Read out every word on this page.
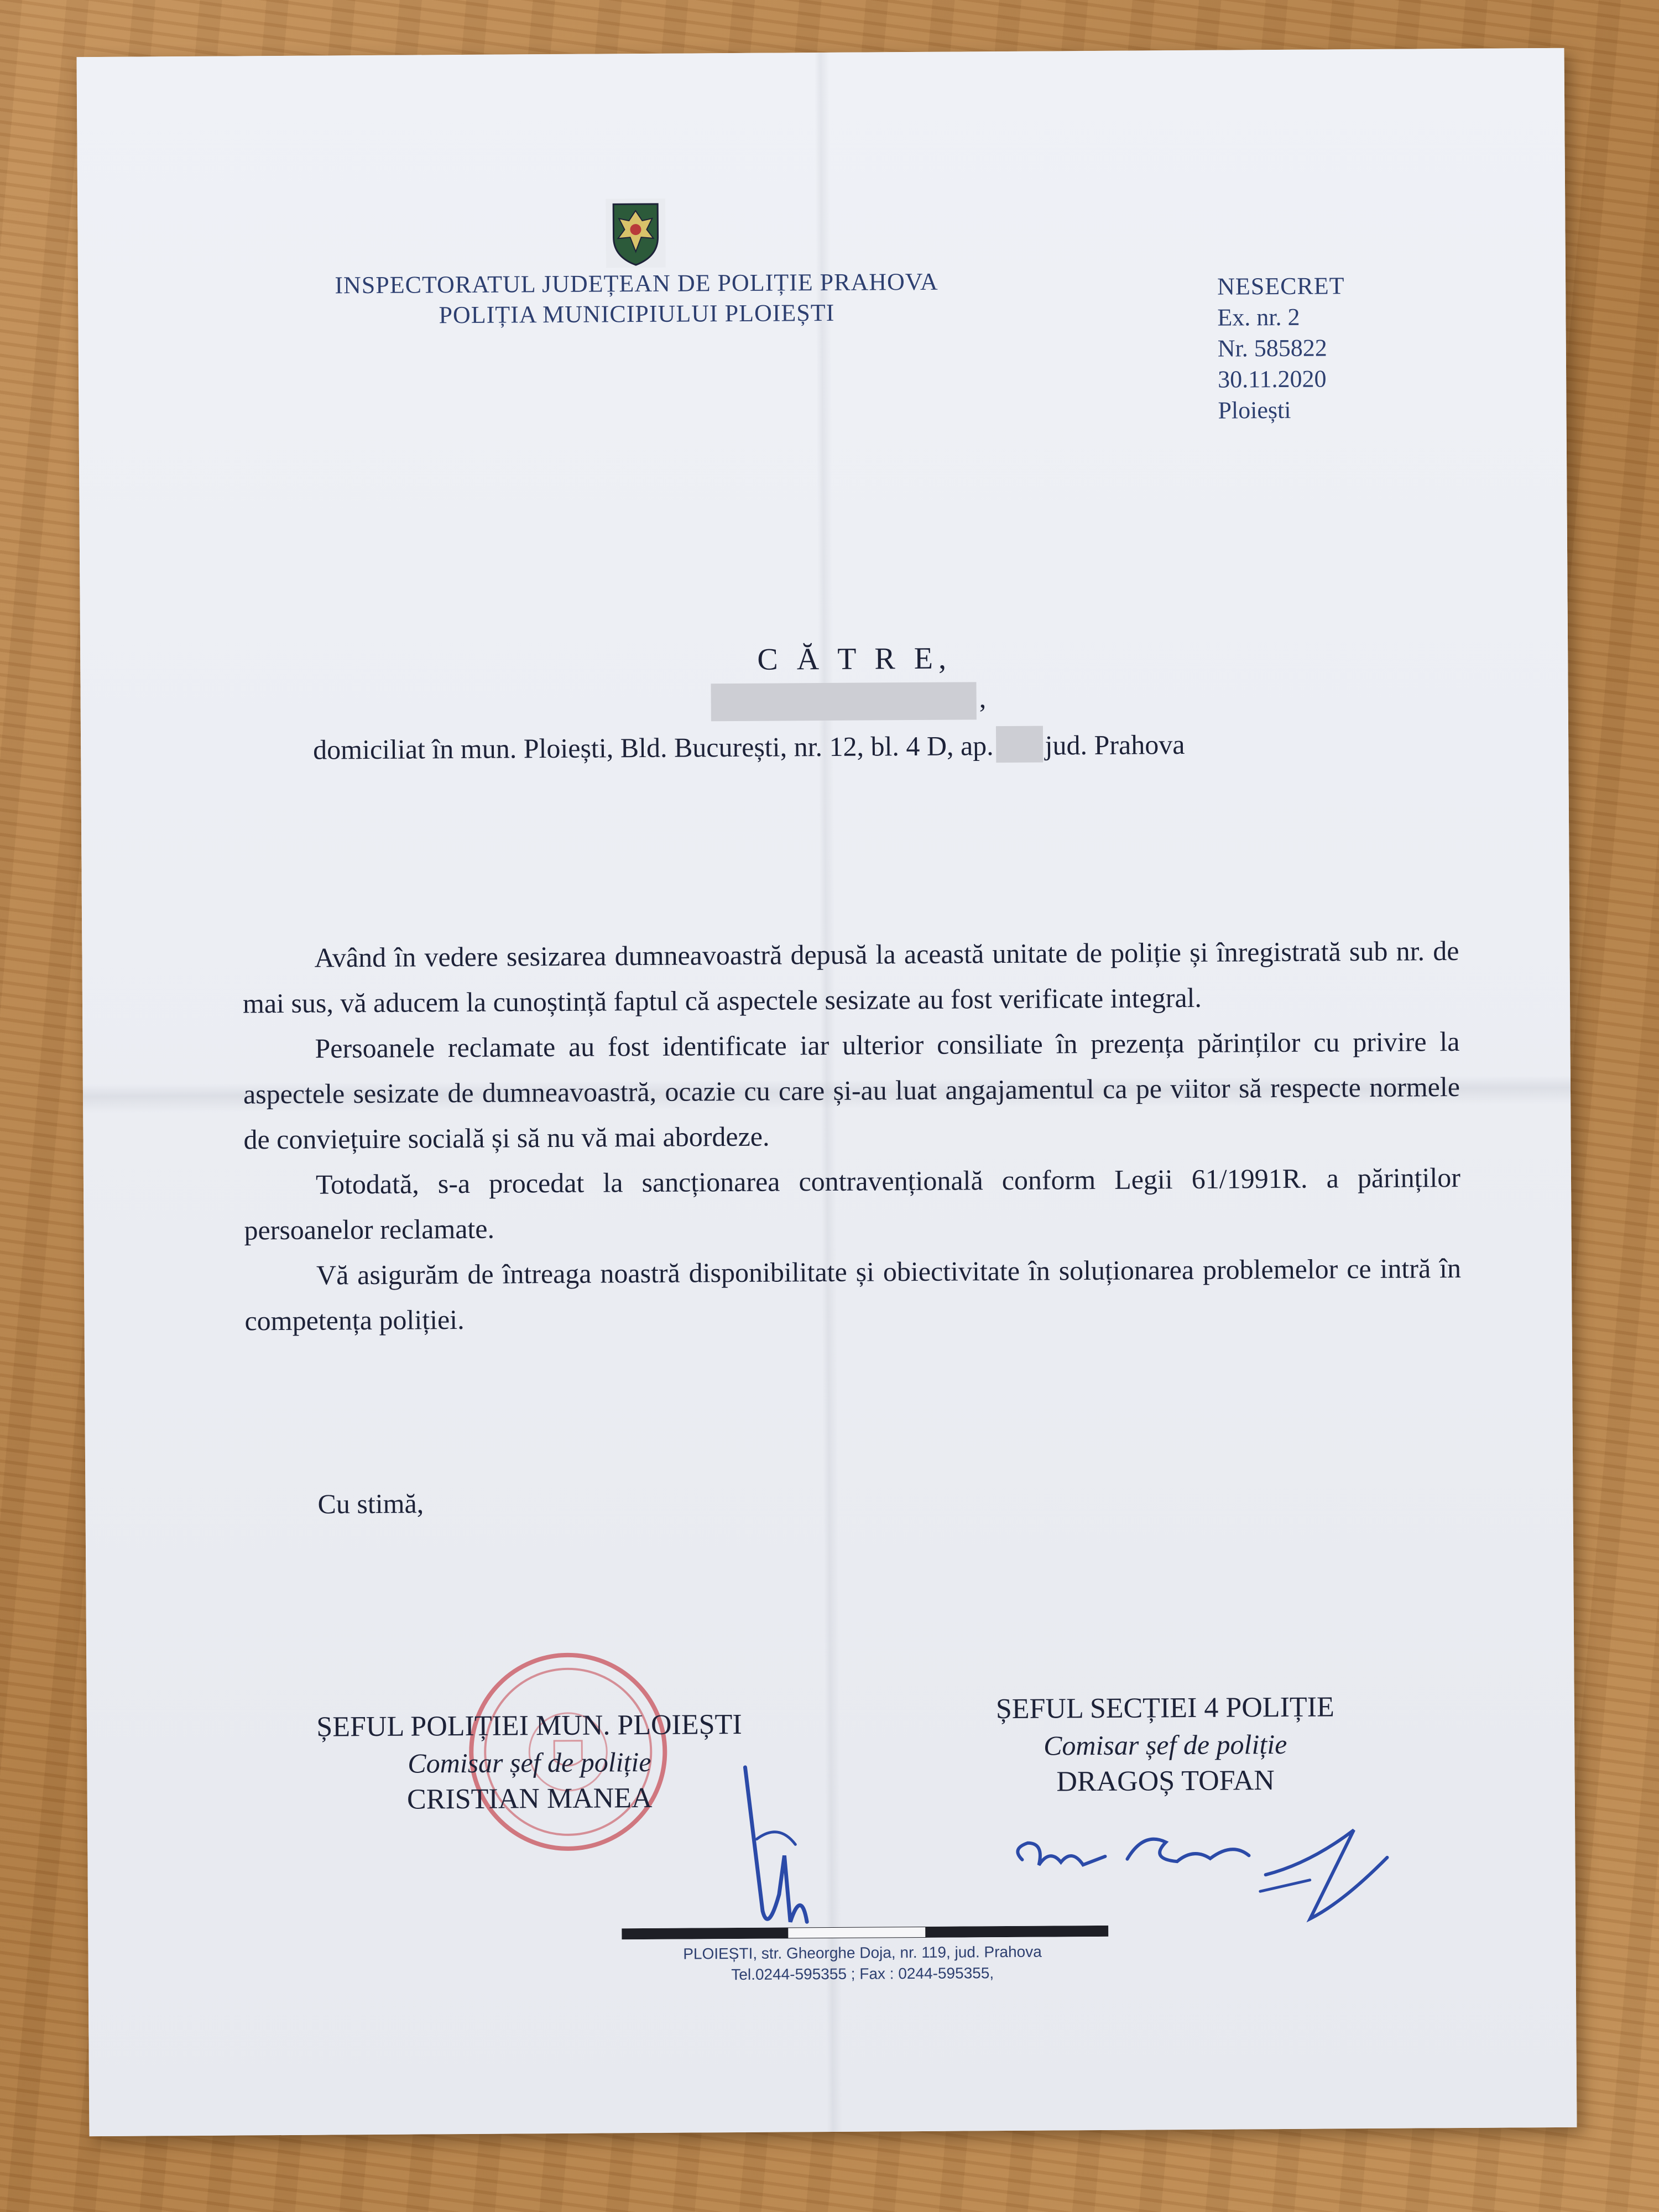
INSPECTORATUL JUDEȚEAN DE POLIȚIE PRAHOVA
POLIȚIA MUNICIPIULUI PLOIEȘTI
NESECRET
Ex. nr. 2
Nr. 585822
30.11.2020
Ploiești
C Ă T R E,
,
domiciliat în mun. Ploiești, Bld. București, nr. 12, bl. 4 D, ap. jud. Prahova

Având în vedere sesizarea dumneavoastră depusă la această unitate de poliție și înregistrată sub nr. de mai sus, vă aducem la cunoștință faptul că aspectele sesizate au fost verificate integral.

Persoanele reclamate au fost identificate iar ulterior consiliate în prezența părinților cu privire la aspectele sesizate de dumneavoastră, ocazie cu care și-au luat angajamentul ca pe viitor să respecte normele de conviețuire socială și să nu vă mai abordeze.

Totodată, s-a procedat la sancționarea contravențională conform Legii 61/1991R. a părinților persoanelor reclamate.

Vă asigurăm de întreaga noastră disponibilitate și obiectivitate în soluționarea problemelor ce intră în competența poliției.

Cu stimă,
ȘEFUL POLIȚIEI MUN. PLOIEȘTI
Comisar șef de poliție
CRISTIAN MANEA
ȘEFUL SECȚIEI 4 POLIȚIE
Comisar șef de poliție
DRAGOȘ TOFAN
PLOIEȘTI, str. Gheorghe Doja, nr. 119, jud. Prahova
Tel.0244-595355 ; Fax : 0244-595355,
